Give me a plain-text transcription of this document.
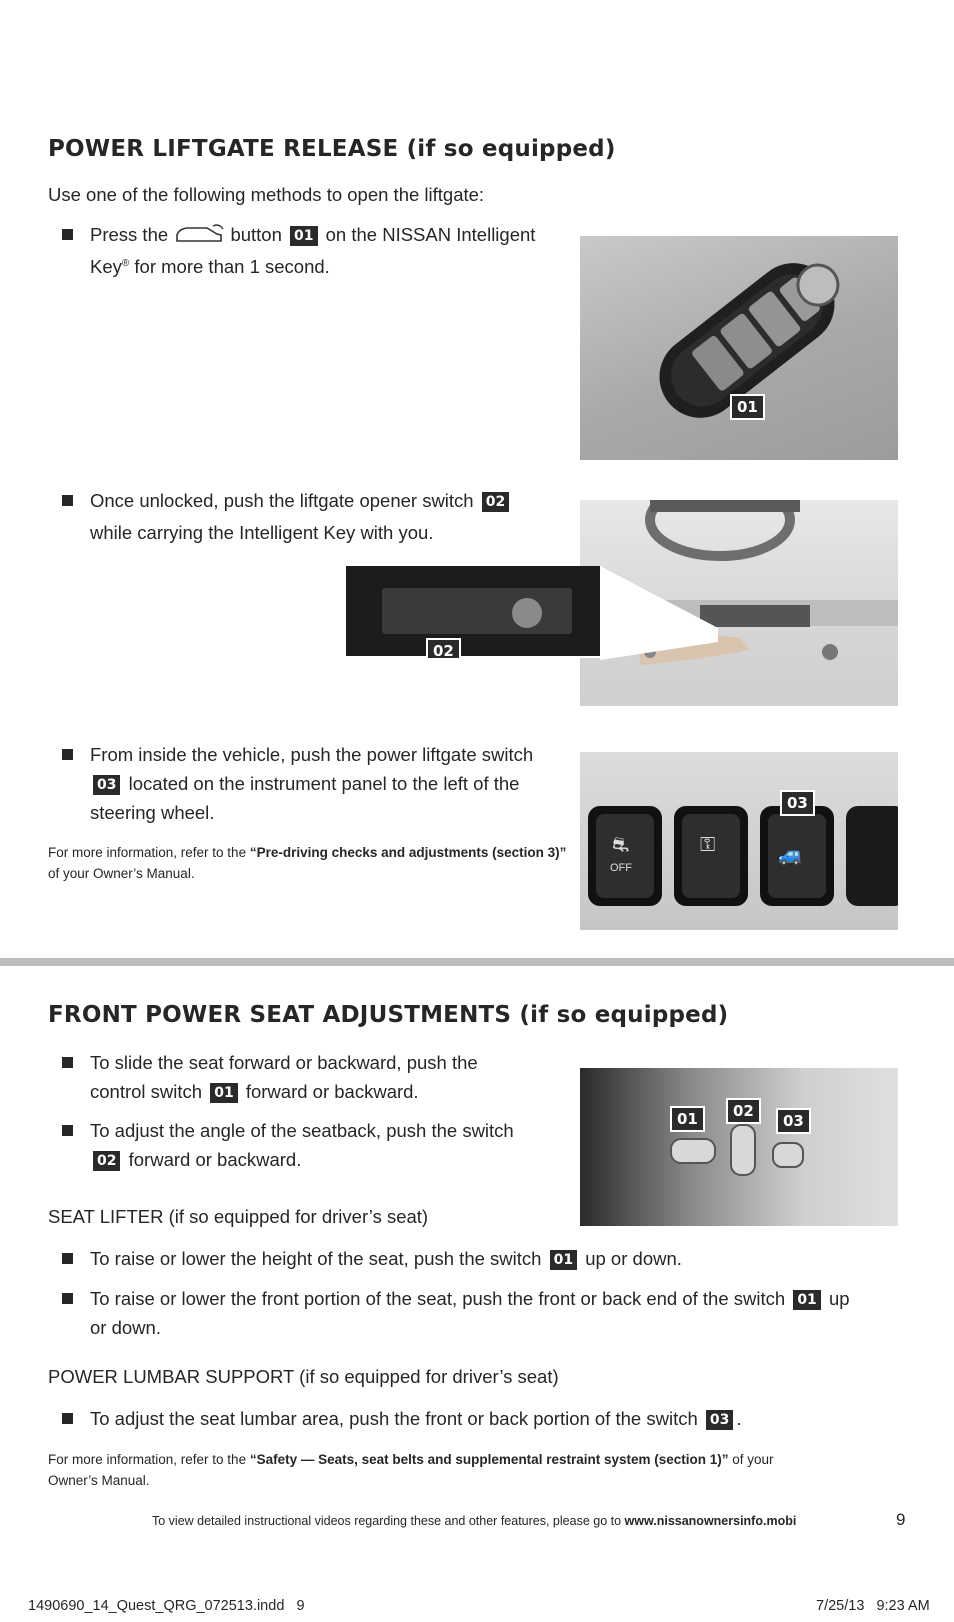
POWER LIFTGATE RELEASE (if so equipped)
Use one of the following methods to open the liftgate:
Press the	button 01 on the NISSAN Intelligent
Key® for more than 1 second.
01
Once unlocked, push the liftgate opener switch 02
while carrying the Intelligent Key with you.
02
From inside the vehicle, push the power liftgate switch
03 located on the instrument panel to the left of the
steering wheel.
For more information, refer to the “Pre-driving checks and adjustments (section 3)” of your Owner’s Manual.	OFF
⛐	⚿	🚙
03
FRONT POWER SEAT ADJUSTMENTS (if so equipped)
To slide the seat forward or backward, push the
control switch 01 forward or backward.
To adjust the angle of the seatback, push the switch
02 forward or backward.
01	02
03
SEAT LIFTER (if so equipped for driver’s seat)
To raise or lower the height of the seat, push the switch 01 up or down.
To raise or lower the front portion of the seat, push the front or back end of the switch 01 up
or down.
POWER LUMBAR SUPPORT (if so equipped for driver’s seat)
To adjust the seat lumbar area, push the front or back portion of the switch 03 .
For more information, refer to the “Safety — Seats, seat belts and supplemental restraint system (section 1)” of your
Owner’s Manual.
To view detailed instructional videos regarding these and other features, please go to www.nissanownersinfo.mobi	9
1490690_14_Quest_QRG_072513.indd   9	7/25/13   9:23 AM
